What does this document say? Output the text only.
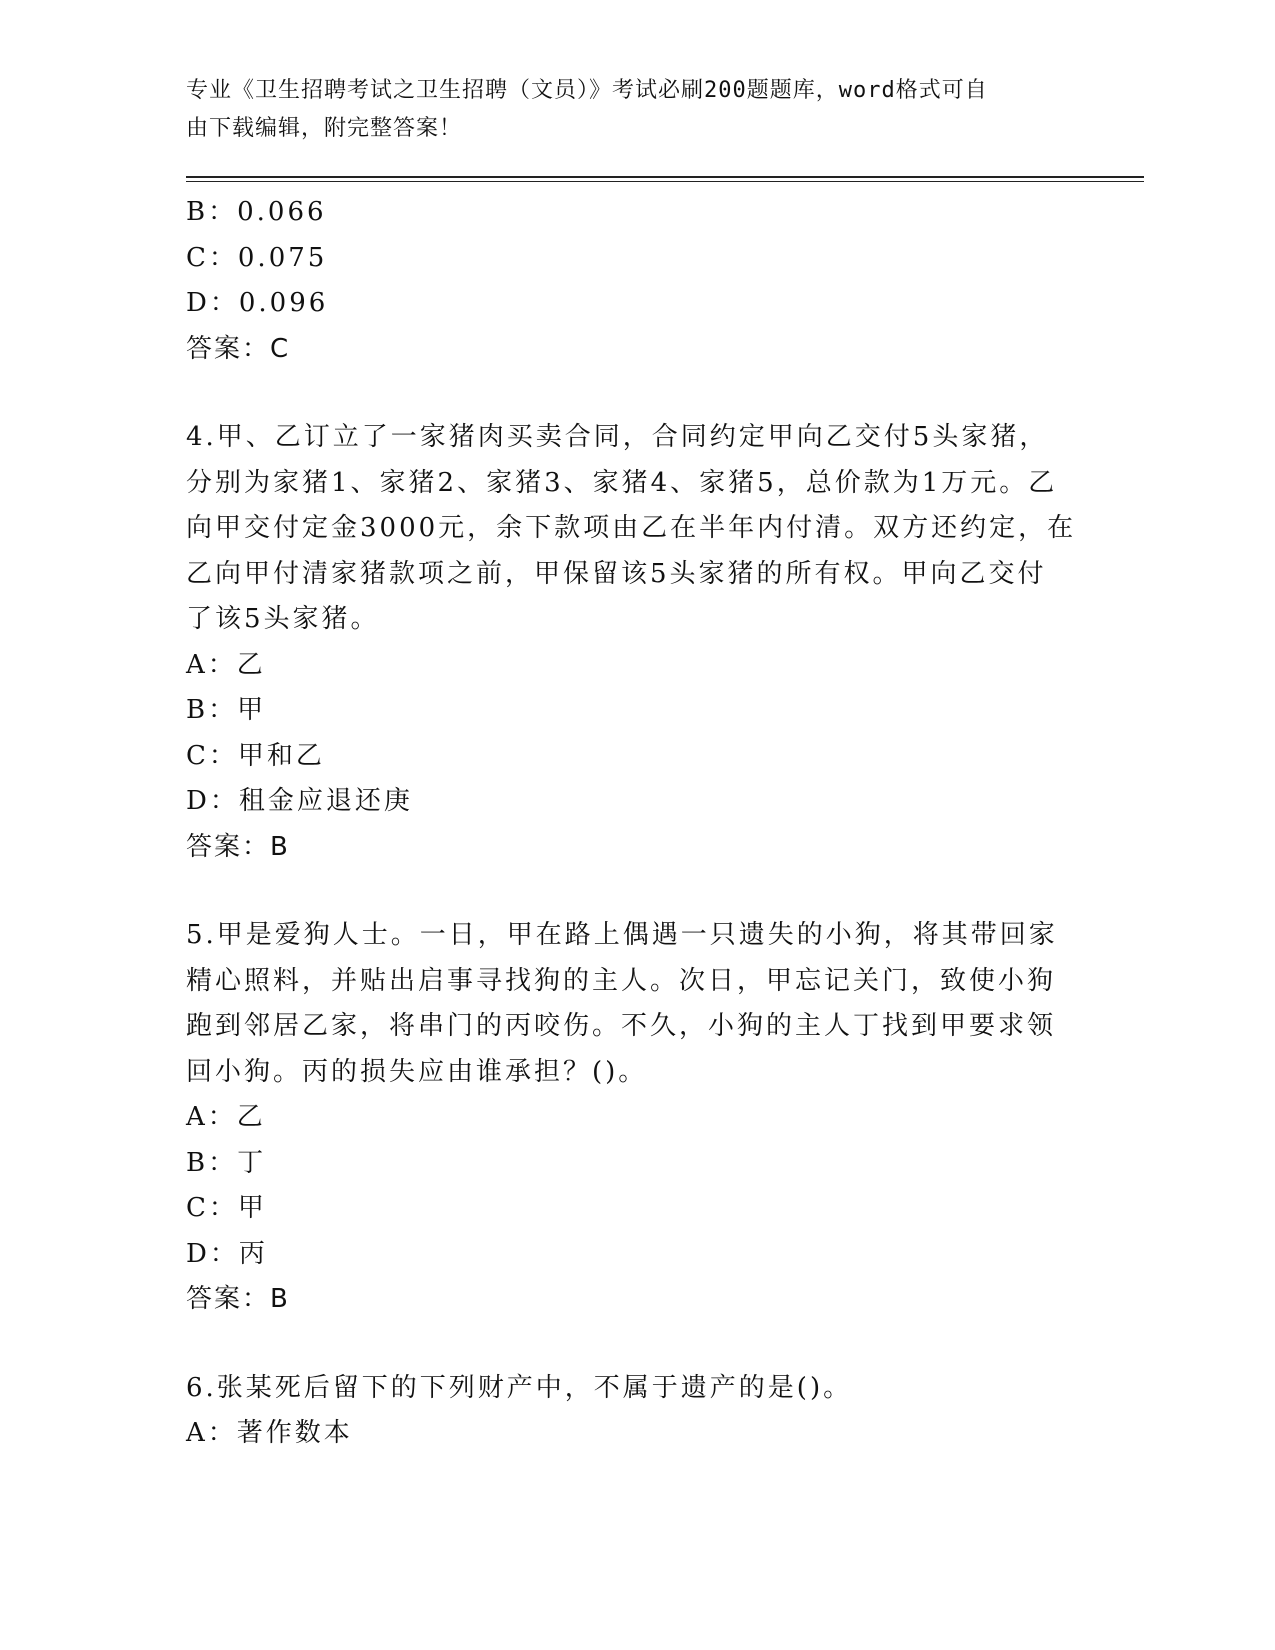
专业《卫生招聘考试之卫生招聘（文员）》考试必刷200题题库，word格式可自
由下载编辑，附完整答案！
B：0.066
C：0.075
D：0.096
答案：C
4.甲、乙订立了一家猪肉买卖合同，合同约定甲向乙交付5头家猪，
分别为家猪1、家猪2、家猪3、家猪4、家猪5，总价款为1万元。乙
向甲交付定金3000元，余下款项由乙在半年内付清。双方还约定，在
乙向甲付清家猪款项之前，甲保留该5头家猪的所有权。甲向乙交付
了该5头家猪。
A：乙
B：甲
C：甲和乙
D：租金应退还庚
答案：B
5.甲是爱狗人士。一日，甲在路上偶遇一只遗失的小狗，将其带回家
精心照料，并贴出启事寻找狗的主人。次日，甲忘记关门，致使小狗
跑到邻居乙家，将串门的丙咬伤。不久，小狗的主人丁找到甲要求领
回小狗。丙的损失应由谁承担？()。
A：乙
B：丁
C：甲
D：丙
答案：B
6.张某死后留下的下列财产中，不属于遗产的是()。
A：著作数本
